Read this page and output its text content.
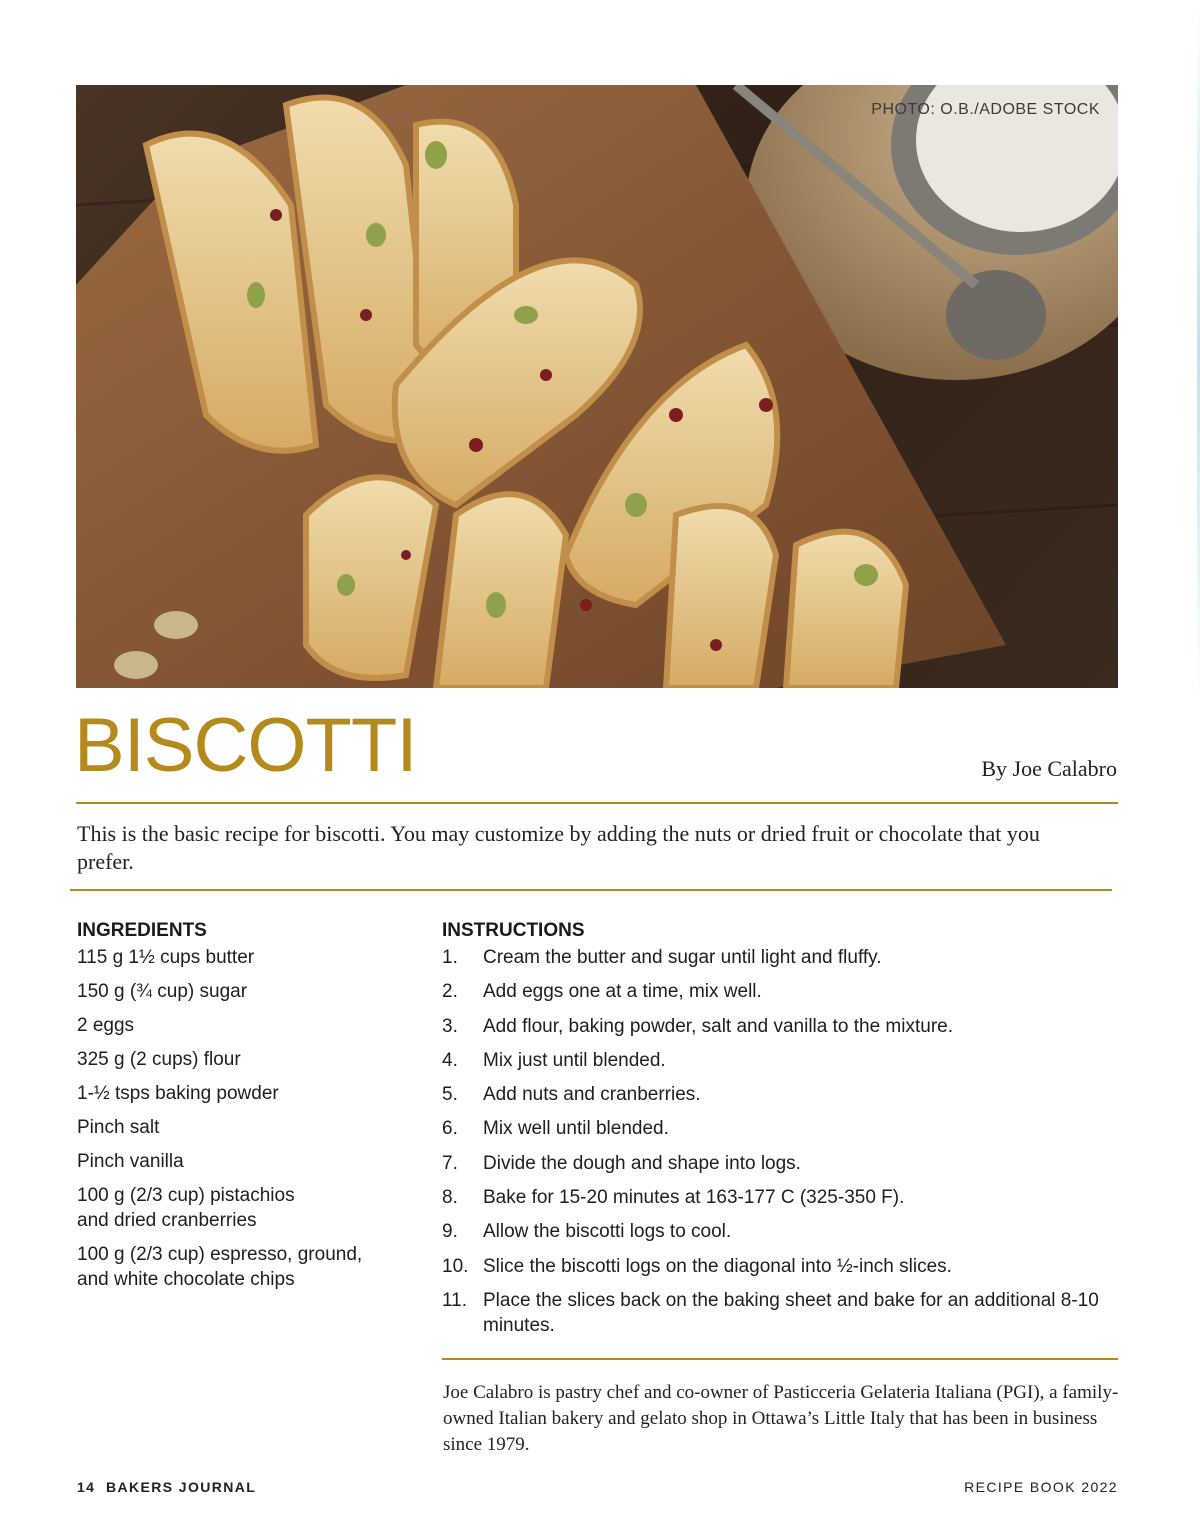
PHOTO: O.B./ADOBE STOCK
BISCOTTI	By Joe Calabro
This is the basic recipe for biscotti. You may customize by adding the nuts or dried fruit or chocolate that you prefer.
INGREDIENTS
115 g 1½ cups butter
150 g (¾ cup) sugar
2 eggs
325 g (2 cups) flour
1-½ tsps baking powder
Pinch salt
Pinch vanilla
100 g (2/3 cup) pistachios and dried cranberries
100 g (2/3 cup) espresso, ground, and white chocolate chips
INSTRUCTIONS
1.	Cream the butter and sugar until light and fluffy.
2.	Add eggs one at a time, mix well.
3.	Add flour, baking powder, salt and vanilla to the mixture.
4.	Mix just until blended.
5.	Add nuts and cranberries.
6.	Mix well until blended.
7.	Divide the dough and shape into logs.
8.	Bake for 15-20 minutes at 163-177 C (325-350 F).
9.	Allow the biscotti logs to cool.
10. Slice the biscotti logs on the diagonal into ½-inch slices.
11. Place the slices back on the baking sheet and bake for an additional 8-10 minutes.
Joe Calabro is pastry chef and co-owner of Pasticceria Gelateria Italiana (PGI), a family-owned Italian bakery and gelato shop in Ottawa’s Little Italy that has been in business since 1979.
14 BAKERS JOURNAL	RECIPE BOOK 2022
